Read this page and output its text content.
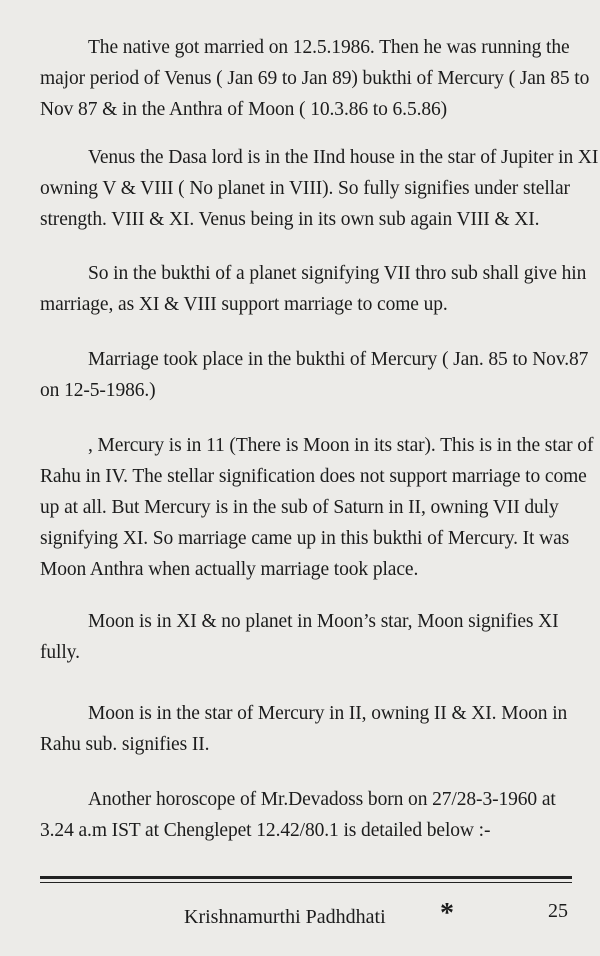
The native got married on 12.5.1986. Then he was running the
major period of Venus ( Jan 69 to Jan 89) bukthi of Mercury ( Jan 85 to
Nov 87 & in the Anthra of Moon ( 10.3.86 to 6.5.86)

Venus the Dasa lord is in the IInd house in the star of Jupiter in XI
owning V & VIII ( No planet in VIII). So fully signifies under stellar
strength. VIII & XI. Venus being in its own sub again VIII & XI.

So in the bukthi of a planet signifying VII thro sub shall give hin
marriage, as XI & VIII support marriage to come up.

Marriage took place in the bukthi of Mercury ( Jan. 85 to Nov.87
on 12-5-1986.)

, Mercury is in 11 (There is Moon in its star). This is in the star of
Rahu in IV. The stellar signification does not support marriage to come
up at all. But Mercury is in the sub of Saturn in II, owning VII duly
signifying XI. So marriage came up in this bukthi of Mercury. It was
Moon Anthra when actually marriage took place.

Moon is in XI & no planet in Moon’s star, Moon signifies XI
fully.

Moon is in the star of Mercury in II, owning II & XI. Moon in
Rahu sub. signifies II.

Another horoscope of Mr.Devadoss born on 27/28-3-1960 at
3.24 a.m IST at Chenglepet 12.42/80.1 is detailed below :-

Krishnamurthi Padhdhati *	25
